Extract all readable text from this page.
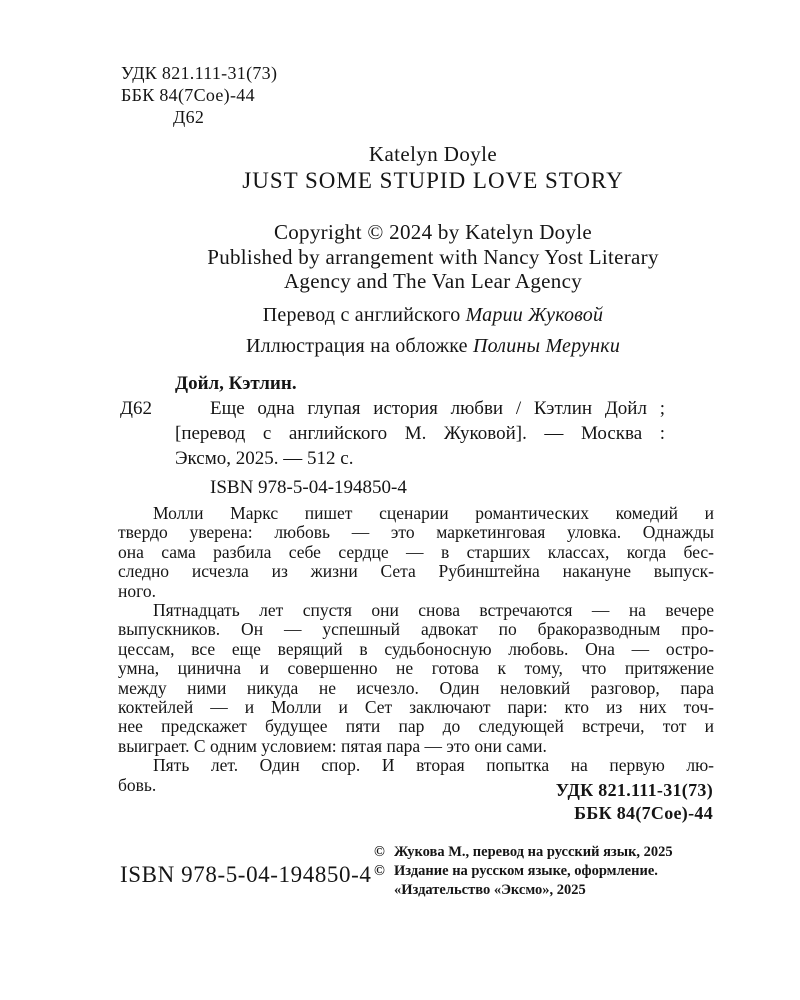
УДК 821.111-31(73)
ББК 84(7Сое)-44
Д62
Katelyn Doyle
JUST SOME STUPID LOVE STORY
Copyright © 2024 by Katelyn Doyle
Published by arrangement with Nancy Yost Literary
Agency and The Van Lear Agency
Перевод с английского Марии Жуковой
Иллюстрация на обложке Полины Мерунки
Дойл, Кэтлин.
Д62	Еще одна глупая история любви / Кэтлин Дойл ;
[перевод с английского М. Жуковой]. — Москва :
Эксмо, 2025. — 512 с.
ISBN 978-5-04-194850-4
Молли Маркс пишет сценарии романтических комедий и
твердо уверена: любовь — это маркетинговая уловка. Однажды
она сама разбила себе сердце — в старших классах, когда бес-
следно исчезла из жизни Сета Рубинштейна накануне выпуск-
ного.
Пятнадцать лет спустя они снова встречаются — на вечере
выпускников. Он — успешный адвокат по бракоразводным про-
цессам, все еще верящий в судьбоносную любовь. Она — остро-
умна, цинична и совершенно не готова к тому, что притяжение
между ними никуда не исчезло. Один неловкий разговор, пара
коктейлей — и Молли и Сет заключают пари: кто из них точ-
нее предскажет будущее пяти пар до следующей встречи, тот и
выиграет. С одним условием: пятая пара — это они сами.
Пять лет. Один спор. И вторая попытка на первую лю-
бовь.	УДК 821.111-31(73)
ББК 84(7Сое)-44
ISBN 978-5-04-194850-4
© Жукова М., перевод на русский язык, 2025
© Издание на русском языке, оформление.
«Издательство «Эксмо», 2025
